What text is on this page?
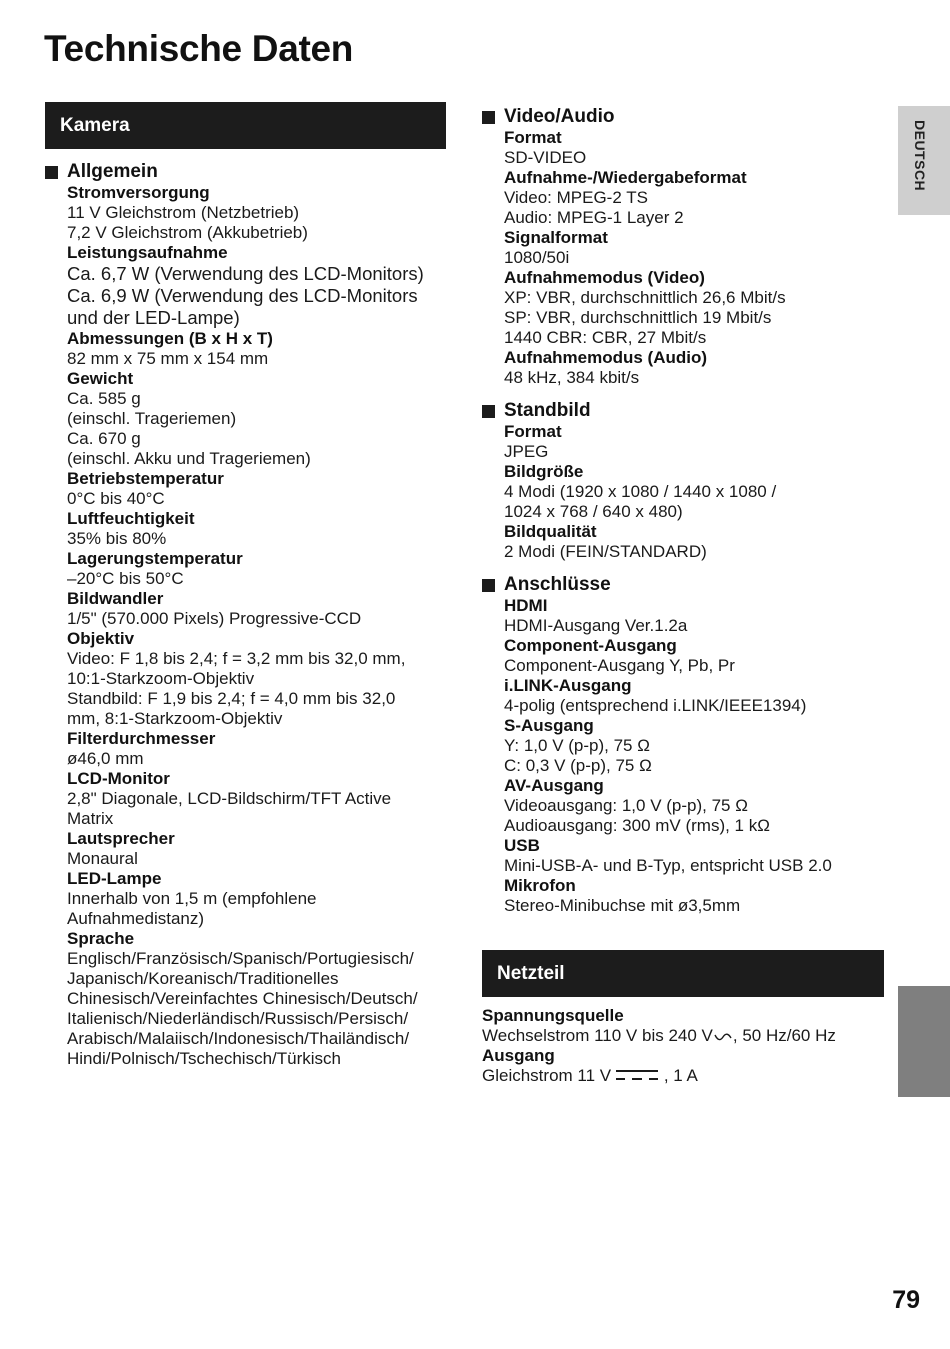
Technische Daten
Kamera
Allgemein
Stromversorgung
11 V Gleichstrom (Netzbetrieb)
7,2 V Gleichstrom (Akkubetrieb)
Leistungsaufnahme
Ca. 6,7 W (Verwendung des LCD-Monitors)
Ca. 6,9 W (Verwendung des LCD-Monitors
und der LED-Lampe)
Abmessungen (B x H x T)
82 mm x 75 mm x 154 mm
Gewicht
Ca. 585 g
(einschl. Trageriemen)
Ca. 670 g
(einschl. Akku und Trageriemen)
Betriebstemperatur
0°C bis 40°C
Luftfeuchtigkeit
35% bis 80%
Lagerungstemperatur
–20°C bis 50°C
Bildwandler
1/5" (570.000 Pixels) Progressive-CCD
Objektiv
Video: F 1,8 bis 2,4; f = 3,2 mm bis 32,0 mm,
10:1-Starkzoom-Objektiv
Standbild: F 1,9 bis 2,4; f = 4,0 mm bis 32,0
mm, 8:1-Starkzoom-Objektiv
Filterdurchmesser
ø46,0 mm
LCD-Monitor
2,8" Diagonale, LCD-Bildschirm/TFT Active
Matrix
Lautsprecher
Monaural
LED-Lampe
Innerhalb von 1,5 m (empfohlene
Aufnahmedistanz)
Sprache
Englisch/Französisch/Spanisch/Portugiesisch/
Japanisch/Koreanisch/Traditionelles
Chinesisch/Vereinfachtes Chinesisch/Deutsch/
Italienisch/Niederländisch/Russisch/Persisch/
Arabisch/Malaiisch/Indonesisch/Thailändisch/
Hindi/Polnisch/Tschechisch/Türkisch
Video/Audio
Format
SD-VIDEO
Aufnahme-/Wiedergabeformat
Video: MPEG-2 TS
Audio: MPEG-1 Layer 2
Signalformat
1080/50i
Aufnahmemodus (Video)
XP: VBR, durchschnittlich 26,6 Mbit/s
SP: VBR, durchschnittlich 19 Mbit/s
1440 CBR: CBR, 27 Mbit/s
Aufnahmemodus (Audio)
48 kHz, 384 kbit/s
Standbild
Format
JPEG
Bildgröße
4 Modi (1920 x 1080 / 1440 x 1080 /
1024 x 768 / 640 x 480)
Bildqualität
2 Modi (FEIN/STANDARD)
Anschlüsse
HDMI
HDMI-Ausgang Ver.1.2a
Component-Ausgang
Component-Ausgang Y, Pb, Pr
i.LINK-Ausgang
4-polig (entsprechend i.LINK/IEEE1394)
S-Ausgang
Y: 1,0 V (p-p), 75 Ω
C: 0,3 V (p-p), 75 Ω
AV-Ausgang
Videoausgang: 1,0 V (p-p), 75 Ω
Audioausgang: 300 mV (rms), 1 kΩ
USB
Mini-USB-A- und B-Typ, entspricht USB 2.0
Mikrofon
Stereo-Minibuchse mit ø3,5mm
Netzteil
Spannungsquelle
Wechselstrom 110 V bis 240 V , 50 Hz/60 Hz
Ausgang
Gleichstrom 11 V	, 1 A
DEUTSCH
79
